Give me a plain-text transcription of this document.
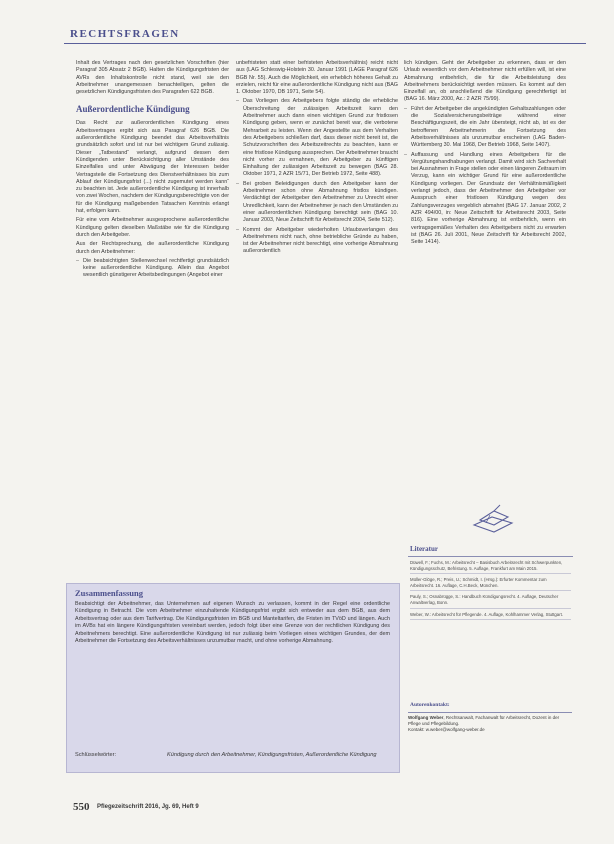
RECHTSFRAGEN

Inhalt des Vertrages nach den gesetzlichen Vorschriften (hier Paragraf 305 Absatz 2 BGB). Halten die Kündigungsfristen der AVRs den Inhaltskontrolle nicht stand, weil sie den Arbeitnehmer unangemessen benachteiligen, gelten die gesetzlichen Kündigungsfristen des Paragrafen 622 BGB.

Außerordentliche Kündigung

Das Recht zur außerordentlichen Kündigung eines Arbeitsvertrages ergibt sich aus Paragraf 626 BGB. Die außerordentliche Kündigung beendet das Arbeitsverhältnis grundsätzlich sofort und ist nur bei wichtigem Grund zulässig. Dieser „Tatbestand“ verlangt, aufgrund dessen dem Kündigenden unter Berücksichtigung aller Umstände des Einzelfalles und unter Abwägung der Interessen beider Vertragsteile die Fortsetzung des Dienstverhältnisses bis zum Ablauf der Kündigungsfrist (...) nicht zugemutet werden kann“ zu beachten ist. Jede außerordentliche Kündigung ist innerhalb von zwei Wochen, nachdem der Kündigungsberechtigte von der für die Kündigung maßgebenden Tatsachen Kenntnis erlangt hat, erfolgen kann.

Für eine vom Arbeitnehmer ausgesprochene außerordentliche Kündigung gelten dieselben Maßstäbe wie für die Kündigung durch den Arbeitgeber.

Aus der Rechtsprechung, die außerordentliche Kündigung durch den Arbeitnehmer:

– Die beabsichtigten Stellenwechsel rechtfertigt grundsätzlich keine außerordentliche Kündigung. Allein das Angebot wesentlich günstigerer Arbeitsbedingungen (Angebot einer

unbefristeten statt einer befristeten Arbeitsverhältnis) reicht nicht aus (LAG Schleswig-Holstein 30. Januar 1991 (LAGE Paragraf 626 BGB Nr. 55). Auch die Möglichkeit, ein erheblich höheres Gehalt zu erzielen, reicht für eine außerordentliche Kündigung nicht aus (BAG 1. Oktober 1970, DB 1971, Seite 54).

– Das Vorliegen des Arbeitgebers folgte ständig die erhebliche Überschreitung der zulässigen Arbeitszeit kann den Arbeitnehmer auch dann einen wichtigen Grund zur fristlosen Kündigung geben, wenn er zunächst bereit war, die verbotene Mehrarbeit zu leisten. Wenn der Angestellte aus dem Verhalten des Arbeitgebers schließen darf, dass dieser nicht bereit ist, die Schutzvorschriften des Arbeitszeitrechts zu beachten, kann er eine fristlose Kündigung aussprechen. Der Arbeitnehmer braucht nicht vorher zu ermahnen, den Arbeitgeber zu künftigen Einhaltung der zulässigen Arbeitszeit zu bewegen (BAG 28. Oktober 1971, 2 AZR 15/71, Der Betrieb 1972, Seite 488).

– Bei groben Beleidigungen durch den Arbeitgeber kann der Arbeitnehmer schon ohne Abmahnung fristlos kündigen. Verdächtigt der Arbeitgeber den Arbeitnehmer zu Unrecht einer Unredlichkeit, kann der Arbeitnehmer je nach den Umständen zu einer außerordentlichen Kündigung berechtigt sein (BAG 10. Januar 2003, Neue Zeitschrift für Arbeitsrecht 2004, Seite 512).

– Kommt der Arbeitgeber wiederholten Urlaubsverlangen des Arbeitnehmers nicht nach, ohne betriebliche Gründe zu haben, ist der Arbeitnehmer nicht berechtigt, eine vorherige Abmahnung außerordentlich

lich kündigen. Geht der Arbeitgeber zu erkennen, dass er den Urlaub wesentlich vor dem Arbeitnehmer nicht erfüllen will, ist eine Abmahnung entbehrlich, die für die Arbeitsleistung des Arbeitnehmers berücksichtigt werden müssen. Es kommt auf den Einzelfall an, ob anschließend die Kündigung gerechtfertigt ist (BAG 16. März 2000, Az.: 2 AZR 75/99).

– Führt der Arbeitgeber die angekündigten Gehaltszahlungen oder die Sozialversicherungsbeiträge während einer Beschäftigungszeit, die ein Jahr übersteigt, nicht ab, ist es der betroffenen Arbeitnehmerin die Fortsetzung des Arbeitsverhältnisses als unzumutbar erscheinen (LAG Baden-Württemberg 30. Mai 1968, Der Betrieb 1968, Seite 1407).

– Auffassung und Handlung eines Arbeitgebers für die Vergütungshandhabungen verlangt. Damit wird sich Sachverhalt bei Ausnahmen in Frage stellen oder einen längeren Zeitraum im Verzug, kann ein wichtiger Grund für eine außerordentliche Kündigung vorliegen. Der Grundsatz der Verhältnismäßigkeit verlangt jedoch, dass der Arbeitnehmer den Arbeitgeber vor Ausspruch einer fristlosen Kündigung wegen des Zahlungsverzuges vergeblich abmahnt (BAG 17. Januar 2002, 2 AZR 494/00, in: Neue Zeitschrift für Arbeitsrecht 2003, Seite 816). Eine vorherige Abmahnung ist entbehrlich, wenn ein vertragsgemäßes Verhalten des Arbeitgebers nicht zu erwarten ist (BAG 26. Juli 2001, Neue Zeitschrift für Arbeitsrecht 2002, Seite 1414).

Literatur
Düwell, F.; Fuchs, M.: Arbeitsrecht – Basisbuch Arbeitsrecht mit Schwerpunkten, Kündigungsschutz, Befristung. 5. Auflage, Frankfurt am Main 2015.
Müller-Glöge, R.; Preis, U.; Schmidt, I. (Hrsg.): Erfurter Kommentar zum Arbeitsrecht. 16. Auflage, C.H.Beck, München.
Pauly, S.; Osnabrügge, S.: Handbuch Kündigungsrecht. 4. Auflage, Deutscher Anwaltverlag, Bonn.
Weber, W.: Arbeitsrecht für Pflegende. 4. Auflage, Kohlhammer Verlag, Stuttgart.
Autorenkontakt:
Wolfgang Weber, Rechtsanwalt, Fachanwalt für Arbeitsrecht, Dozent in der Pflege und Pflegebildung.
Kontakt: w.weber@wolfgang-weber.de
Zusammenfassung
Beabsichtigt der Arbeitnehmer, das Unternehmen auf eigenen Wunsch zu verlassen, kommt in der Regel eine ordentliche Kündigung in Betracht. Die vom Arbeitnehmer einzuhaltende Kündigungsfrist ergibt sich entweder aus dem BGB, aus dem Arbeitsvertrag oder aus dem Tarifvertrag. Die Kündigungsfristen im BGB und Manteltarifen, die Fristen im TVöD und längen. Auch im AVBs hat ein längere Kündigungsfristen vereinbart werden, jedoch folgt über eine Grenze von der rechtlichen Kündigung des Arbeitnehmers berechtigt. Eine außerordentliche Kündigung ist nur zulässig beim Vorliegen eines wichtigen Grundes, der dem Arbeitnehmer die Fortsetzung des Arbeitsverhältnisses unzumutbar macht, und ohne vorherige Abmahnung.
Schlüsselwörter:	Kündigung durch den Arbeitnehmer, Kündigungsfristen, Außerordentliche Kündigung
550 Pflegezeitschrift 2016, Jg. 69, Heft 9
